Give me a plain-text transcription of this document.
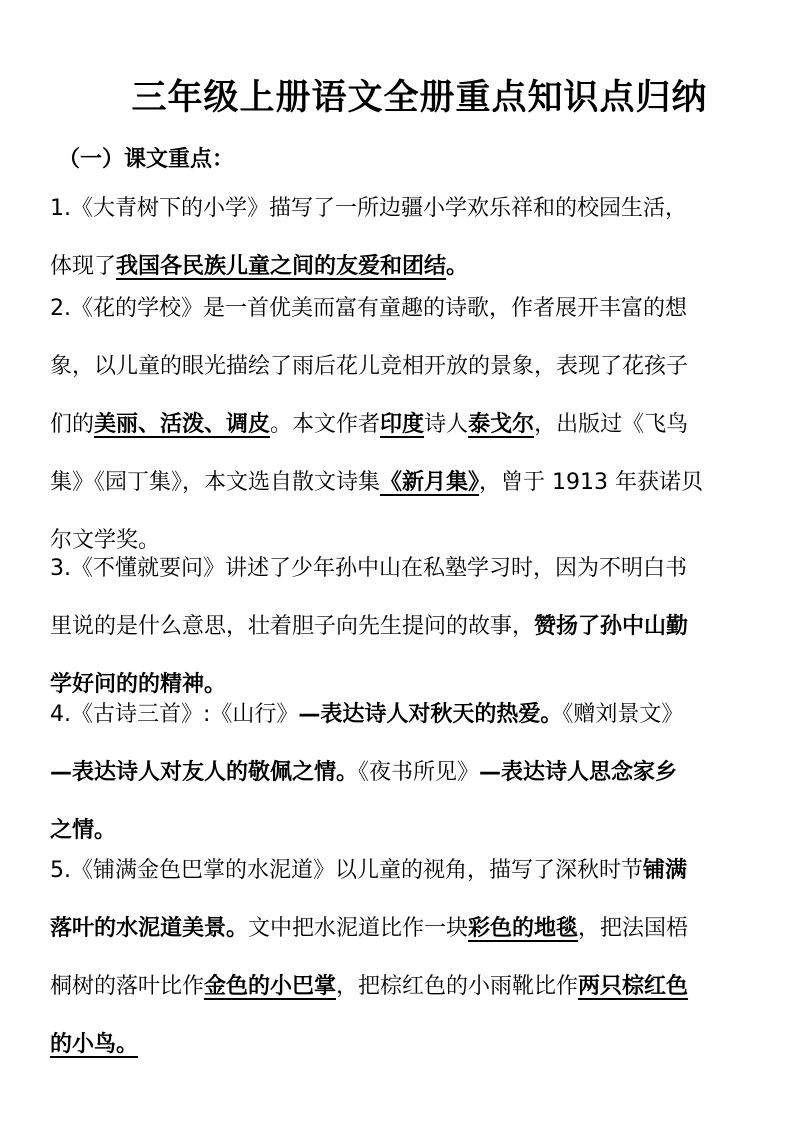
三年级上册语文全册重点知识点归纳
（一）课文重点：
1.《大青树下的小学》描写了一所边疆小学欢乐祥和的校园生活，
体现了我国各民族儿童之间的友爱和团结。
2.《花的学校》是一首优美而富有童趣的诗歌，作者展开丰富的想
象，以儿童的眼光描绘了雨后花儿竞相开放的景象，表现了花孩子
们的美丽、活泼、调皮。本文作者印度诗人泰戈尔，出版过《飞鸟
集》《园丁集》，本文选自散文诗集《新月集》，曾于 1913 年获诺贝
尔文学奖。
3.《不懂就要问》讲述了少年孙中山在私塾学习时，因为不明白书
里说的是什么意思，壮着胆子向先生提问的故事，赞扬了孙中山勤
学好问的的精神。
4.《古诗三首》:《山行》—表达诗人对秋天的热爱。《赠刘景文》
—表达诗人对友人的敬佩之情。《夜书所见》—表达诗人思念家乡
之情。
5.《铺满金色巴掌的水泥道》以儿童的视角，描写了深秋时节铺满
落叶的水泥道美景。文中把水泥道比作一块彩色的地毯，把法国梧
桐树的落叶比作金色的小巴掌，把棕红色的小雨靴比作两只棕红色
的小鸟。
